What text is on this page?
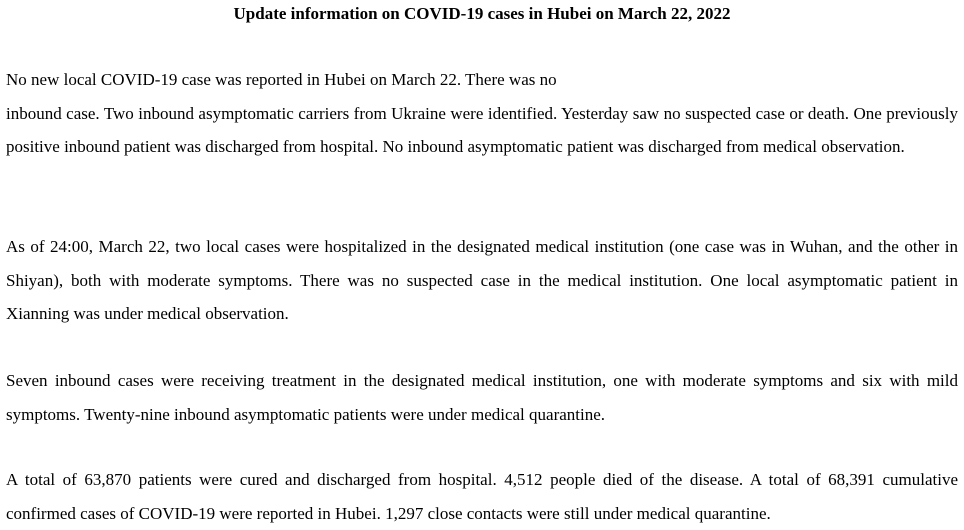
Update information on COVID-19 cases in Hubei on March 22, 2022

No new local COVID-19 case was reported in Hubei on March 22. There was no
inbound case. Two inbound asymptomatic carriers from Ukraine were identified. Yesterday saw no suspected case or death. One previously positive inbound patient was discharged from hospital. No inbound asymptomatic patient was discharged from medical observation.

As of 24:00, March 22, two local cases were hospitalized in the designated medical institution (one case was in Wuhan, and the other in Shiyan), both with moderate symptoms. There was no suspected case in the medical institution. One local asymptomatic patient in Xianning was under medical observation.

Seven inbound cases were receiving treatment in the designated medical institution, one with moderate symptoms and six with mild symptoms. Twenty-nine inbound asymptomatic patients were under medical quarantine.

A total of 63,870 patients were cured and discharged from hospital. 4,512 people died of the disease. A total of 68,391 cumulative confirmed cases of COVID-19 were reported in Hubei. 1,297 close contacts were still under medical quarantine.
